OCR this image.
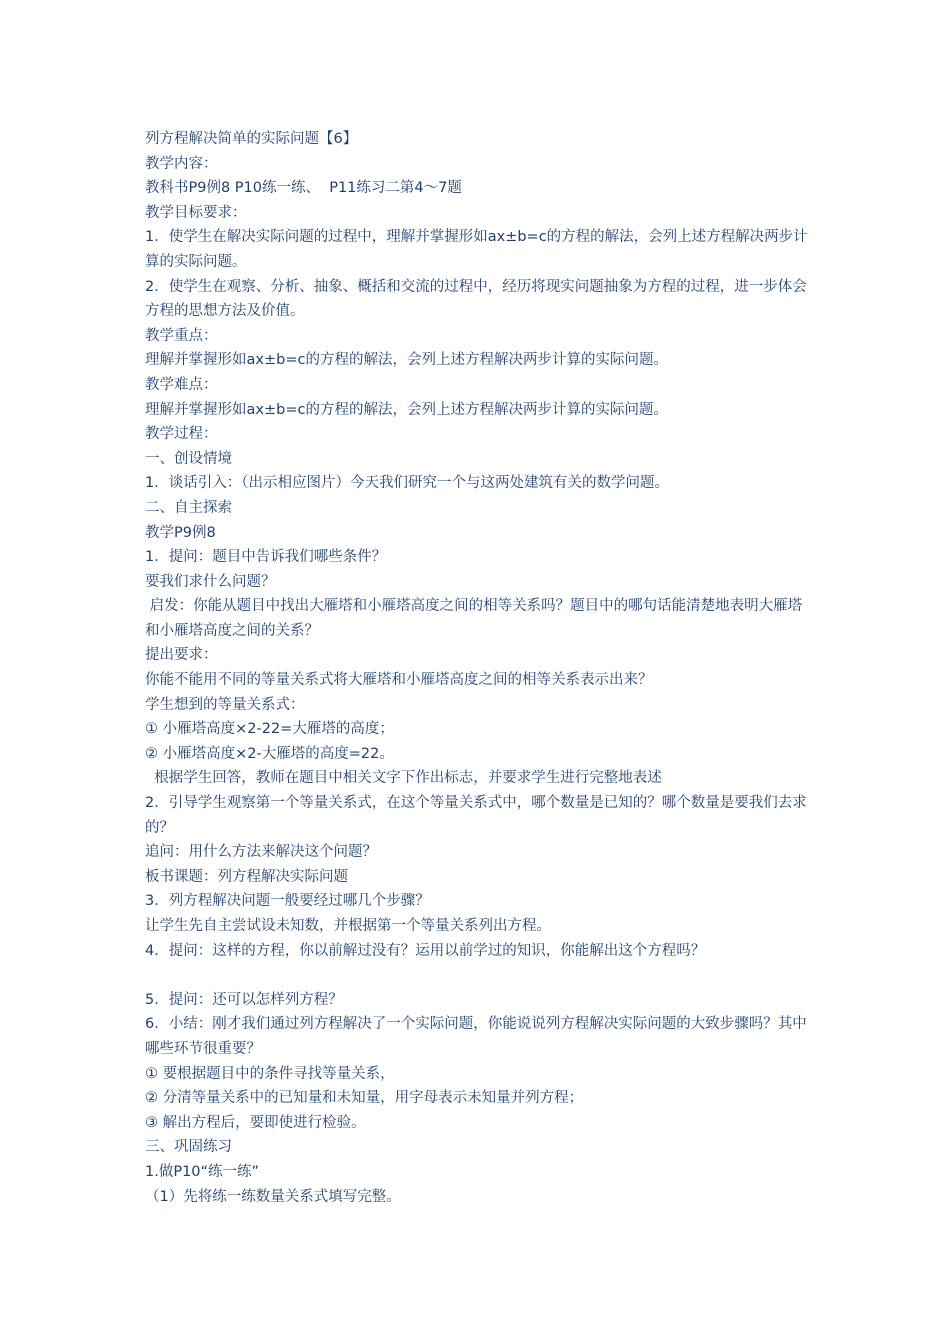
列方程解决简单的实际问题【6】
教学内容：
教科书P9例8 P10练一练、  P11练习二第4～7题
教学目标要求：
1．使学生在解决实际问题的过程中，理解并掌握形如ax±b=c的方程的解法，会列上述方程解决两步计算的实际问题。
2．使学生在观察、分析、抽象、概括和交流的过程中，经历将现实问题抽象为方程的过程，进一步体会方程的思想方法及价值。
教学重点：
理解并掌握形如ax±b=c的方程的解法，会列上述方程解决两步计算的实际问题。
教学难点：
理解并掌握形如ax±b=c的方程的解法，会列上述方程解决两步计算的实际问题。
教学过程：
一、创设情境
1．谈话引入：（出示相应图片）今天我们研究一个与这两处建筑有关的数学问题。
二、自主探索
教学P9例8
1．提问：题目中告诉我们哪些条件？
要我们求什么问题？
启发：你能从题目中找出大雁塔和小雁塔高度之间的相等关系吗？题目中的哪句话能清楚地表明大雁塔和小雁塔高度之间的关系？
提出要求：
你能不能用不同的等量关系式将大雁塔和小雁塔高度之间的相等关系表示出来？
学生想到的等量关系式：
① 小雁塔高度×2-22=大雁塔的高度；
② 小雁塔高度×2-大雁塔的高度=22。
根据学生回答，教师在题目中相关文字下作出标志，并要求学生进行完整地表述
2．引导学生观察第一个等量关系式，在这个等量关系式中，哪个数量是已知的？哪个数量是要我们去求的？
追问：用什么方法来解决这个问题？
板书课题：列方程解决实际问题
3．列方程解决问题一般要经过哪几个步骤？
让学生先自主尝试设未知数，并根据第一个等量关系列出方程。
4．提问：这样的方程，你以前解过没有？运用以前学过的知识，你能解出这个方程吗？
5．提问：还可以怎样列方程？
6．小结：刚才我们通过列方程解决了一个实际问题，你能说说列方程解决实际问题的大致步骤吗？其中哪些环节很重要？
① 要根据题目中的条件寻找等量关系，
② 分清等量关系中的已知量和未知量，用字母表示未知量并列方程；
③ 解出方程后，要即使进行检验。
三、巩固练习
1.做P10“练一练”
（1）先将练一练数量关系式填写完整。
